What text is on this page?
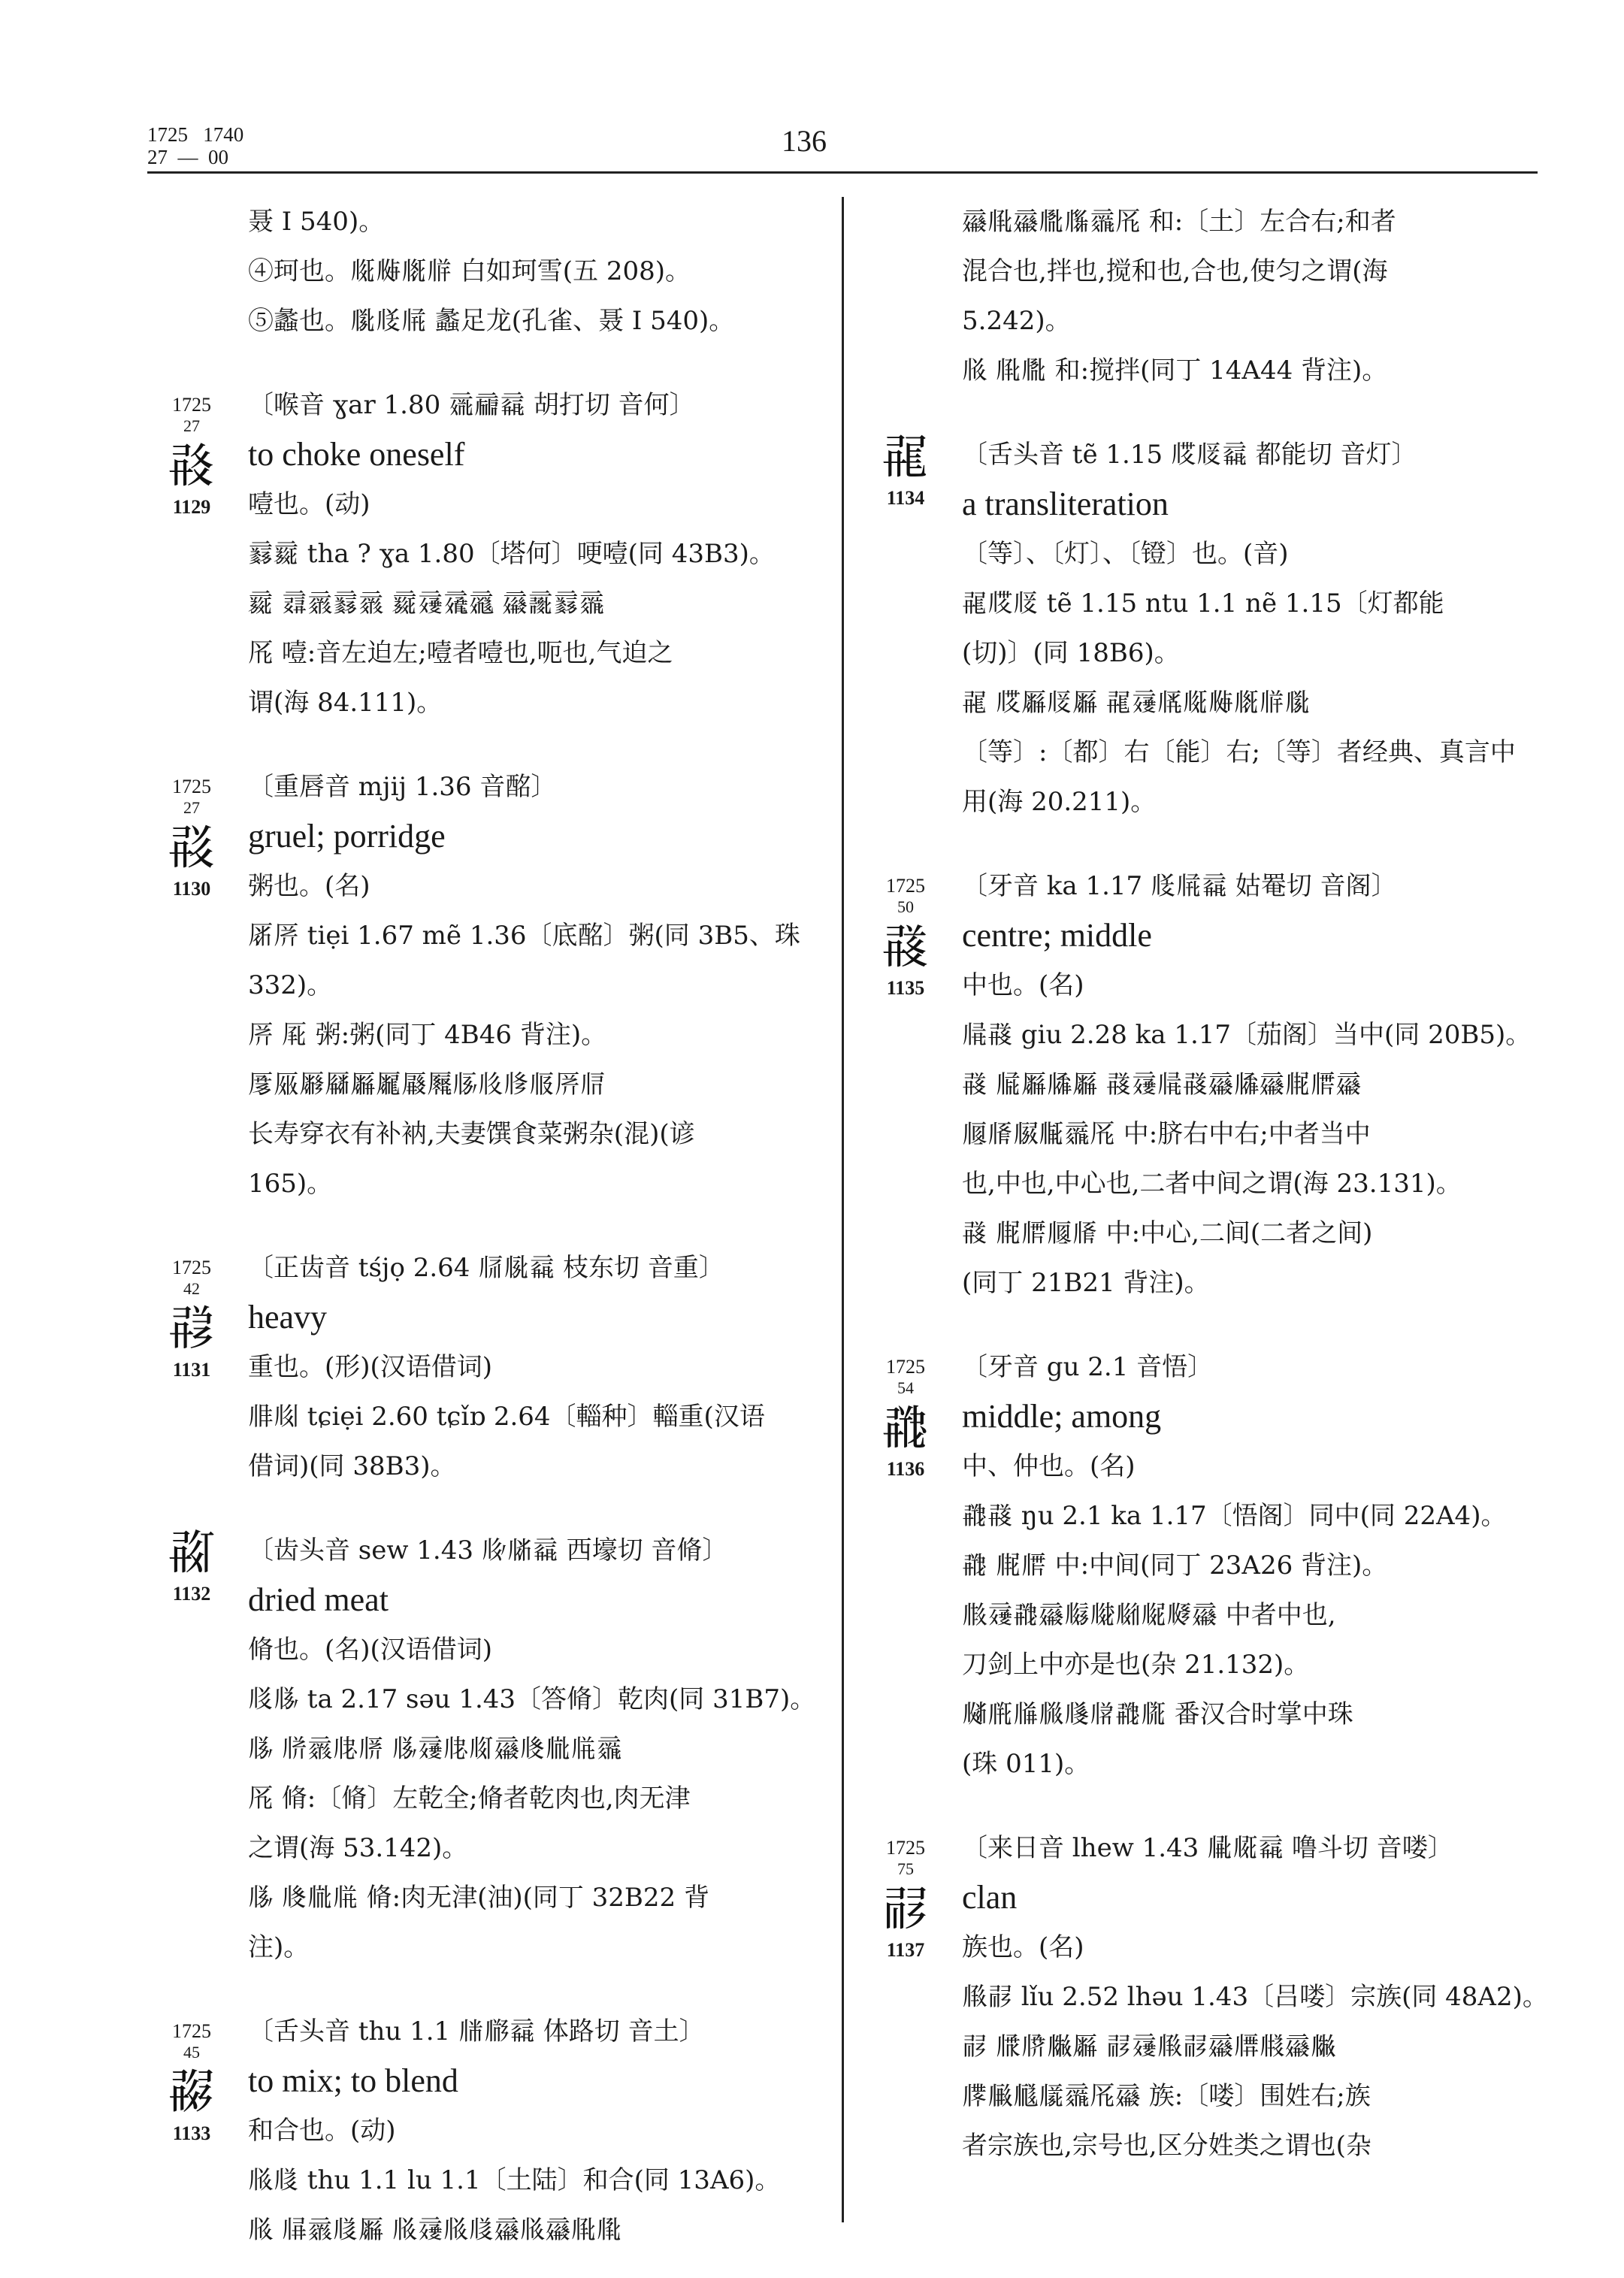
1725   1740
27  —  00	136
聂 I 540)。
④珂也。𗅉𗅊𗅋𗅌 白如珂雪(五 208)。
⑤蠡也。𗅍𗅎𗅏 蠡足龙(孔雀、聂 I 540)。
1725
27
𘄠
1129
〔喉音 ɣar 1.80 𗄐𗄑𗄒 胡打切 音何〕
to choke oneself
噎也。(动)
𗄓𗄔 tha ? ɣa 1.80〔塔何〕哽噎(同 43B3)。
𗄔 𗄕𗄖𗄓𗄖 𗄔𗄗𗄘𗄙 𗄚𗄛𗄓𗄜
𗄝 噎:音左迫左;噎者噎也,呃也,气迫之
谓(海 84.111)。
1725
27
𘄡
1130
〔重唇音 mjij 1.36 音酩〕
gruel; porridge
粥也。(名)
𗄞𗄟 tiẹi 1.67 mẽ 1.36〔底酩〕粥(同 3B5、珠
332)。
𗄟 𗄠 粥:粥(同丁 4B46 背注)。
𗄡𗄢𗄣𗄤𗄥𗄦𗄧𗄨𗄩𗄪𗄫𗄬𗄟𗄭
长寿穿衣有补衲,夫妻馔食菜粥杂(混)(谚
165)。
1725
42
𘄢
1131
〔正齿音 tśjọ 2.64 𗄮𗄯𗄒 枝东切 音重〕
heavy
重也。(形)(汉语借词)
𗄰𗄱 tɕiẹi 2.60 tɕǐɒ 2.64〔輜种〕輜重(汉语
借词)(同 38B3)。
𘄣
1132
〔齿头音 sew 1.43 𗄲𗄳𗄒 西壕切 音脩〕
dried meat
脩也。(名)(汉语借词)
𗄴𗄵 ta 2.17 səu 1.43〔答脩〕乾肉(同 31B7)。
𗄵 𗄶𗄖𗄷𗄸 𗄵𗄗𗄷𗄹𗄚𗄺𗄻𗄼𗄜
𗄝 脩:〔脩〕左乾全;脩者乾肉也,肉无津
之谓(海 53.142)。
𗄵 𗄺𗄻𗄼 脩:肉无津(油)(同丁 32B22 背
注)。
1725
45
𘄤
1133
〔舌头音 thu 1.1 𗄽𗄾𗄒 体路切 音土〕
to mix; to blend
和合也。(动)
𗄿𗅀 thu 1.1 lu 1.1〔土陆〕和合(同 13A6)。
𗄿 𗅁𗄖𗅀𗄥 𗄿𗄗𗄿𗅀𗄚𗄿𗄚𗅂𗅃
𗄚𗅂𗄚𗅄𗅅𗄜𗄝 和:〔土〕左合右;和者
混合也,拌也,搅和也,合也,使匀之谓(海
5.242)。
𗄿 𗅂𗅄 和:搅拌(同丁 14A44 背注)。
𘄥
1134
〔舌头音 tẽ 1.15 𗅆𗅇𗄒 都能切 音灯〕
a transliteration
〔等〕、〔灯〕、〔镫〕也。(音)
𘄥𗅆𗅇 tẽ 1.15 ntu 1.1 nẽ 1.15〔灯都能
(切)〕(同 18B6)。
𘄥 𗅆𗄥𗅇𗄥 𘄥𗄗𗅈𗅉𗅊𗅋𗅌𗅍
〔等〕:〔都〕右〔能〕右;〔等〕者经典、真言中
用(海 20.211)。
1725
50
𘄦
1135
〔牙音 ka 1.17 𗅎𗅏𗄒 姑罨切 音阁〕
centre; middle
中也。(名)
𗅐𘄦 giu 2.28 ka 1.17〔茄阁〕当中(同 20B5)。
𘄦 𗅑𗄥𗅒𗄥 𘄦𗄗𗅐𘄦𗄚𗅒𗄚𗅓𗅔𗄚
𗅕𗅖𗅗𗅘𗄜𗄝 中:脐右中右;中者当中
也,中也,中心也,二者中间之谓(海 23.131)。
𘄦 𗅓𗅔𗅕𗅖 中:中心,二间(二者之间)
(同丁 21B21 背注)。
1725
54
𘄧
1136
〔牙音 gu 2.1 音悟〕
middle; among
中、仲也。(名)
𘄧𘄦 ŋu 2.1 ka 1.17〔悟阁〕同中(同 22A4)。
𘄧 𗅓𗅔 中:中间(同丁 23A26 背注)。
𗅙𗄗𘄧𗄚𗅚𗅛𗅜𗅝𗅞𗄚 中者中也,
刀剑上中亦是也(杂 21.132)。
𗅟𗅠𗅡𗅢𗅣𗅤𘄧𗅥 番汉合时掌中珠
(珠 011)。
1725
75
𘄨
1137
〔来日音 lhew 1.43 𗅦𗅧𗄒 噜斗切 音喽〕
clan
族也。(名)
𗅨𘄨 lǐu 2.52 lhəu 1.43〔吕喽〕宗族(同 48A2)。
𘄨 𗅩𗅪𗅫𗄥 𘄨𗄗𗅨𘄨𗄚𗅬𗅭𗄚𗅫
𗅮𗅯𗅰𗅱𗄜𗄝𗄚 族:〔喽〕围姓右;族
者宗族也,宗号也,区分姓类之谓也(杂
